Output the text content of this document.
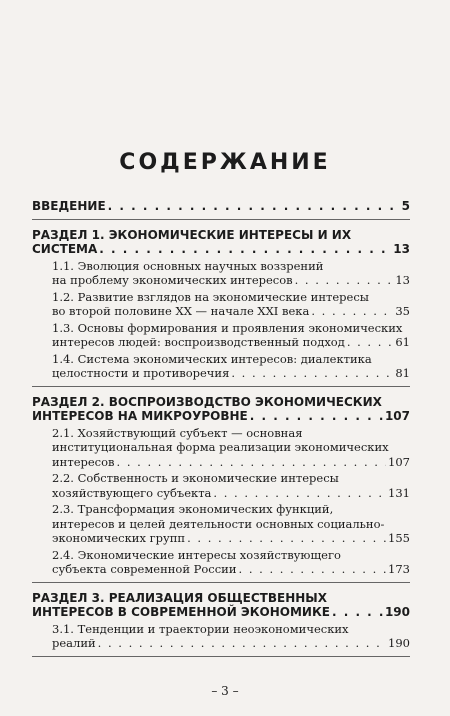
СОДЕРЖАНИЕ
ВВЕДЕНИЕ . . .	5
РАЗДЕЛ 1. ЭКОНОМИЧЕСКИЕ ИНТЕРЕСЫ И ИХ
СИСТЕМА . . .	13
1.1. Эволюция основных научных воззрений
на проблему экономических интересов . . .	13
1.2. Развитие взглядов на экономические интересы
во второй половине XX — начале XXI века . . .	35
1.3. Основы формирования и проявления экономических
интересов людей: воспроизводственный подход . . .	61
1.4. Система экономических интересов: диалектика
целостности и противоречия . . .	81
РАЗДЕЛ 2. ВОСПРОИЗВОДСТВО ЭКОНОМИЧЕСКИХ
ИНТЕРЕСОВ НА МИКРОУРОВНЕ . . .	107
2.1. Хозяйствующий субъект — основная
институциональная форма реализации экономических
интересов . . .	107
2.2. Собственность и экономические интересы
хозяйствующего субъекта . . .	131
2.3. Трансформация экономических функций,
интересов и целей деятельности основных социально-
экономических групп . . .	155
2.4. Экономические интересы хозяйствующего
субъекта современной России . . .	173
РАЗДЕЛ 3. РЕАЛИЗАЦИЯ ОБЩЕСТВЕННЫХ
ИНТЕРЕСОВ В СОВРЕМЕННОЙ ЭКОНОМИКЕ . . .	190
3.1. Тенденции и траектории неоэкономических
реалий . . .	190
– 3 –
